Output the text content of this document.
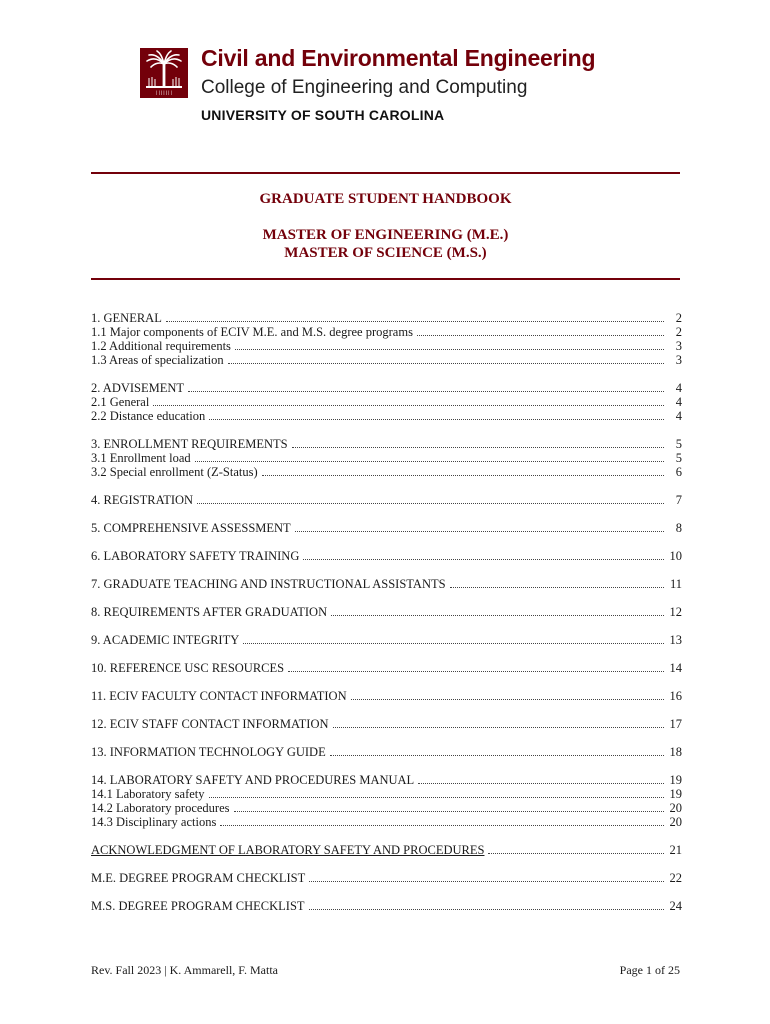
| | | | | | |
Civil and Environmental Engineering
College of Engineering and Computing
UNIVERSITY OF SOUTH CAROLINA
GRADUATE STUDENT HANDBOOK
MASTER OF ENGINEERING (M.E.)
MASTER OF SCIENCE (M.S.)
1. GENERAL	2
1.1 Major components of ECIV M.E. and M.S. degree programs	2
1.2 Additional requirements	3
1.3 Areas of specialization	3
2. ADVISEMENT	4
2.1 General	4
2.2 Distance education	4
3. ENROLLMENT REQUIREMENTS	5
3.1 Enrollment load	5
3.2 Special enrollment (Z-Status)	6
4. REGISTRATION	7
5. COMPREHENSIVE ASSESSMENT	8
6. LABORATORY SAFETY TRAINING	10
7. GRADUATE TEACHING AND INSTRUCTIONAL ASSISTANTS	11
8. REQUIREMENTS AFTER GRADUATION	12
9. ACADEMIC INTEGRITY	13
10. REFERENCE USC RESOURCES	14
11. ECIV FACULTY CONTACT INFORMATION	16
12. ECIV STAFF CONTACT INFORMATION	17
13. INFORMATION TECHNOLOGY GUIDE	18
14. LABORATORY SAFETY AND PROCEDURES MANUAL	19
14.1 Laboratory safety	19
14.2 Laboratory procedures	20
14.3 Disciplinary actions	20
ACKNOWLEDGMENT OF LABORATORY SAFETY AND PROCEDURES	21
M.E. DEGREE PROGRAM CHECKLIST	22
M.S. DEGREE PROGRAM CHECKLIST	24
Rev. Fall 2023 | K. Ammarell, F. Matta	Page 1 of 25
